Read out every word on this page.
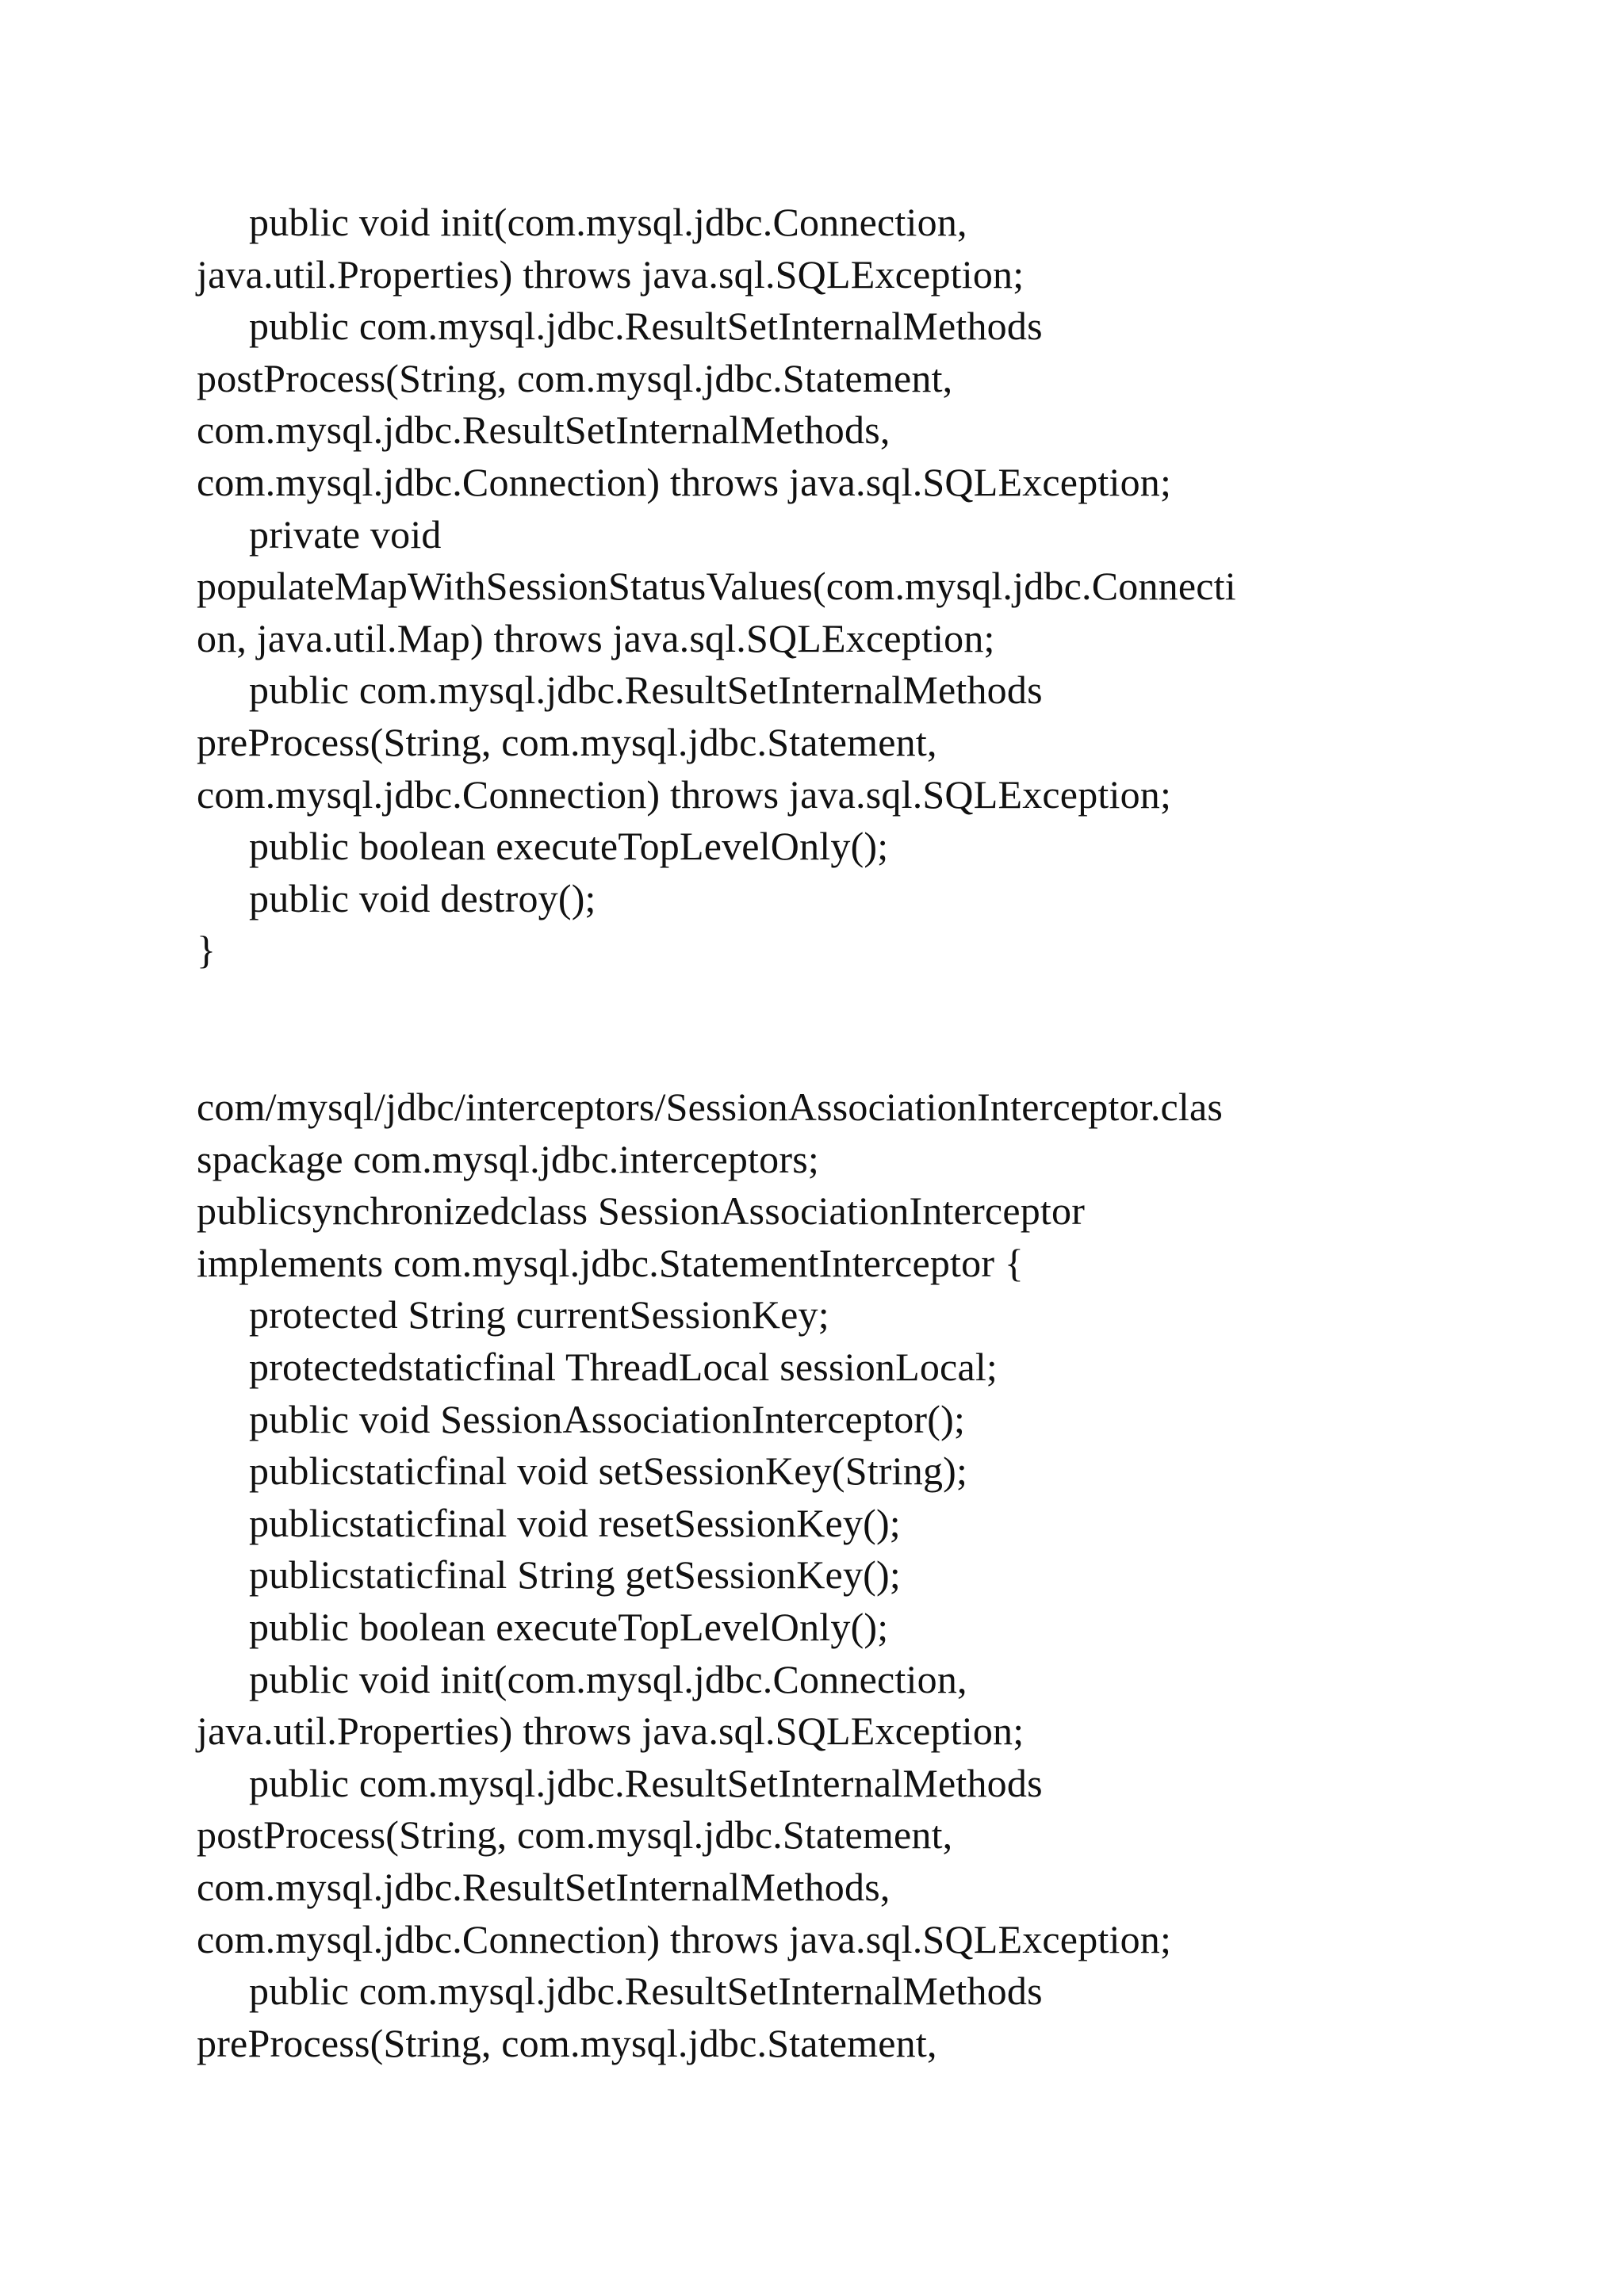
public void init(com.mysql.jdbc.Connection,
java.util.Properties) throws java.sql.SQLException;
public com.mysql.jdbc.ResultSetInternalMethods
postProcess(String, com.mysql.jdbc.Statement,
com.mysql.jdbc.ResultSetInternalMethods,
com.mysql.jdbc.Connection) throws java.sql.SQLException;
private void
populateMapWithSessionStatusValues(com.mysql.jdbc.Connecti
on, java.util.Map) throws java.sql.SQLException;
public com.mysql.jdbc.ResultSetInternalMethods
preProcess(String, com.mysql.jdbc.Statement,
com.mysql.jdbc.Connection) throws java.sql.SQLException;
public boolean executeTopLevelOnly();
public void destroy();
}
com/mysql/jdbc/interceptors/SessionAssociationInterceptor.clas
spackage com.mysql.jdbc.interceptors;
publicsynchronizedclass SessionAssociationInterceptor
implements com.mysql.jdbc.StatementInterceptor {
protected String currentSessionKey;
protectedstaticfinal ThreadLocal sessionLocal;
public void SessionAssociationInterceptor();
publicstaticfinal void setSessionKey(String);
publicstaticfinal void resetSessionKey();
publicstaticfinal String getSessionKey();
public boolean executeTopLevelOnly();
public void init(com.mysql.jdbc.Connection,
java.util.Properties) throws java.sql.SQLException;
public com.mysql.jdbc.ResultSetInternalMethods
postProcess(String, com.mysql.jdbc.Statement,
com.mysql.jdbc.ResultSetInternalMethods,
com.mysql.jdbc.Connection) throws java.sql.SQLException;
public com.mysql.jdbc.ResultSetInternalMethods
preProcess(String, com.mysql.jdbc.Statement,
